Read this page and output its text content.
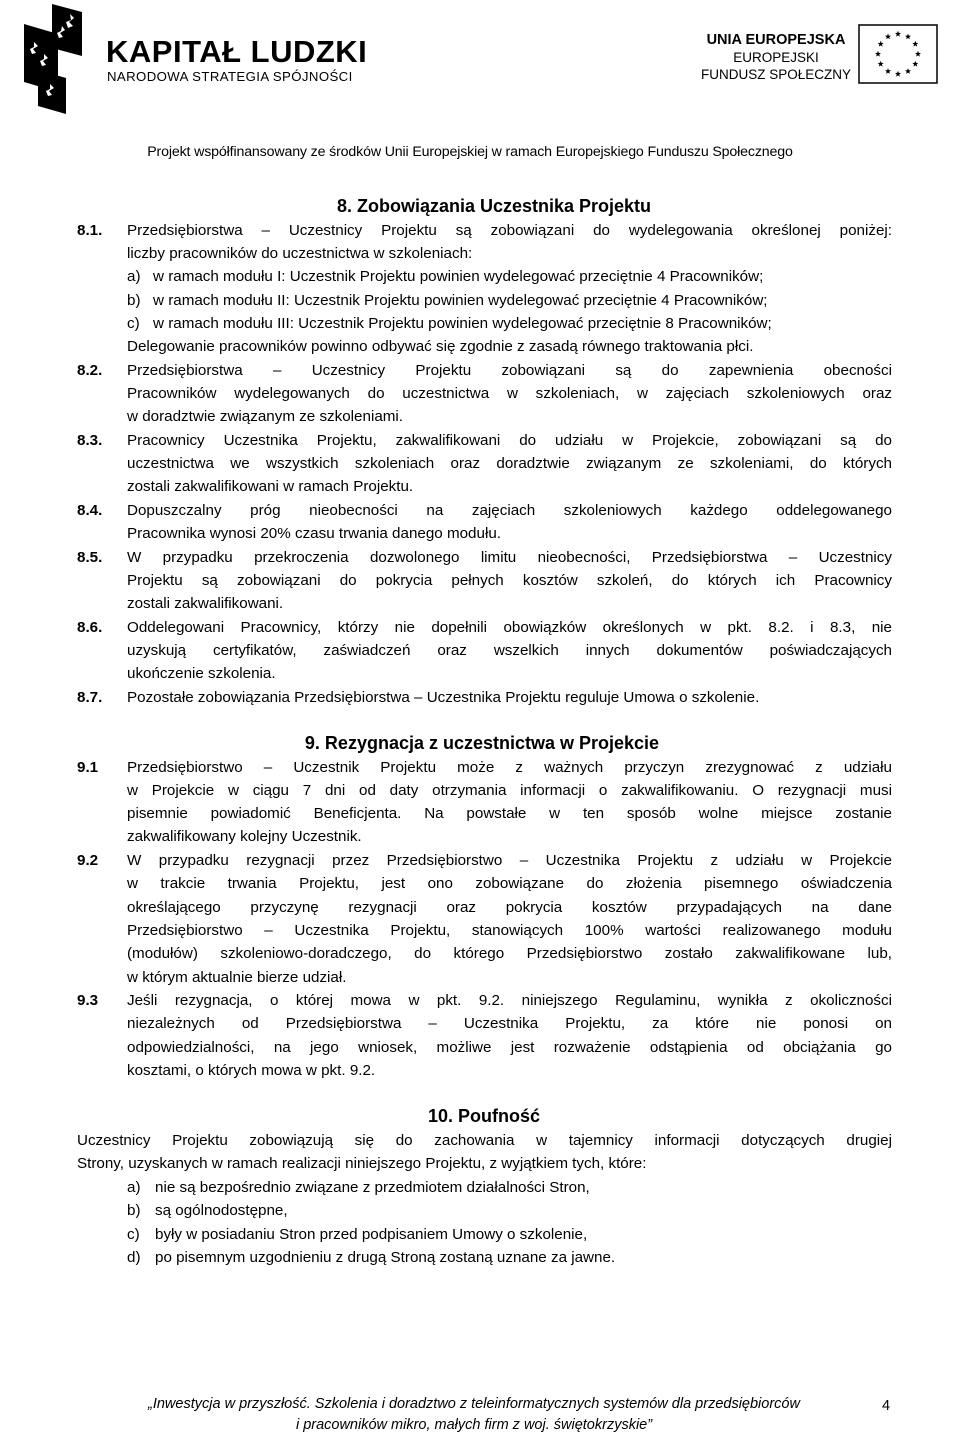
KAPITAŁ LUDZKI
NARODOWA STRATEGIA SPÓJNOŚCI
UNIA EUROPEJSKA
EUROPEJSKI
FUNDUSZ SPOŁECZNY
Projekt współfinansowany ze środków Unii Europejskiej w ramach Europejskiego Funduszu Społecznego
8. Zobowiązania Uczestnika Projektu
8.1. Przedsiębiorstwa – Uczestnicy Projektu są zobowiązani do wydelegowania określonej poniżej:
liczby pracowników do uczestnictwa w szkoleniach:
a) w ramach modułu I: Uczestnik Projektu powinien wydelegować przeciętnie 4 Pracowników;
b) w ramach modułu II: Uczestnik Projektu powinien wydelegować przeciętnie 4 Pracowników;
c) w ramach modułu III: Uczestnik Projektu powinien wydelegować przeciętnie 8 Pracowników;
Delegowanie pracowników powinno odbywać się zgodnie z zasadą równego traktowania płci.
8.2. Przedsiębiorstwa – Uczestnicy Projektu zobowiązani są do zapewnienia obecności
Pracowników wydelegowanych do uczestnictwa w szkoleniach, w zajęciach szkoleniowych oraz
w doradztwie związanym ze szkoleniami.
8.3. Pracownicy Uczestnika Projektu, zakwalifikowani do udziału w Projekcie, zobowiązani są do
uczestnictwa we wszystkich szkoleniach oraz doradztwie związanym ze szkoleniami, do których
zostali zakwalifikowani w ramach Projektu.
8.4. Dopuszczalny próg nieobecności na zajęciach szkoleniowych każdego oddelegowanego
Pracownika wynosi 20% czasu trwania danego modułu.
8.5. W przypadku przekroczenia dozwolonego limitu nieobecności, Przedsiębiorstwa – Uczestnicy
Projektu są zobowiązani do pokrycia pełnych kosztów szkoleń, do których ich Pracownicy
zostali zakwalifikowani.
8.6. Oddelegowani Pracownicy, którzy nie dopełnili obowiązków określonych w pkt. 8.2. i 8.3, nie
uzyskują certyfikatów, zaświadczeń oraz wszelkich innych dokumentów poświadczających
ukończenie szkolenia.
8.7. Pozostałe zobowiązania Przedsiębiorstwa – Uczestnika Projektu reguluje Umowa o szkolenie.
9. Rezygnacja z uczestnictwa w Projekcie
9.1 Przedsiębiorstwo – Uczestnik Projektu może z ważnych przyczyn zrezygnować z udziału
w Projekcie w ciągu 7 dni od daty otrzymania informacji o zakwalifikowaniu. O rezygnacji musi
pisemnie powiadomić Beneficjenta. Na powstałe w ten sposób wolne miejsce zostanie
zakwalifikowany kolejny Uczestnik.
9.2 W przypadku rezygnacji przez Przedsiębiorstwo – Uczestnika Projektu z udziału w Projekcie
w trakcie trwania Projektu, jest ono zobowiązane do złożenia pisemnego oświadczenia
określającego przyczynę rezygnacji oraz pokrycia kosztów przypadających na dane
Przedsiębiorstwo – Uczestnika Projektu, stanowiących 100% wartości realizowanego modułu
(modułów) szkoleniowo-doradczego, do którego Przedsiębiorstwo zostało zakwalifikowane lub,
w którym aktualnie bierze udział.
9.3 Jeśli rezygnacja, o której mowa w pkt. 9.2. niniejszego Regulaminu, wynikła z okoliczności
niezależnych od Przedsiębiorstwa – Uczestnika Projektu, za które nie ponosi on
odpowiedzialności, na jego wniosek, możliwe jest rozważenie odstąpienia od obciążania go
kosztami, o których mowa w pkt. 9.2.
10. Poufność
Uczestnicy Projektu zobowiązują się do zachowania w tajemnicy informacji dotyczących drugiej
Strony, uzyskanych w ramach realizacji niniejszego Projektu, z wyjątkiem tych, które:
a) nie są bezpośrednio związane z przedmiotem działalności Stron,
b) są ogólnodostępne,
c) były w posiadaniu Stron przed podpisaniem Umowy o szkolenie,
d) po pisemnym uzgodnieniu z drugą Stroną zostaną uznane za jawne.
„Inwestycja w przyszłość. Szkolenia i doradztwo z teleinformatycznych systemów dla przedsiębiorców
i pracowników mikro, małych firm z woj. świętokrzyskie”
4
